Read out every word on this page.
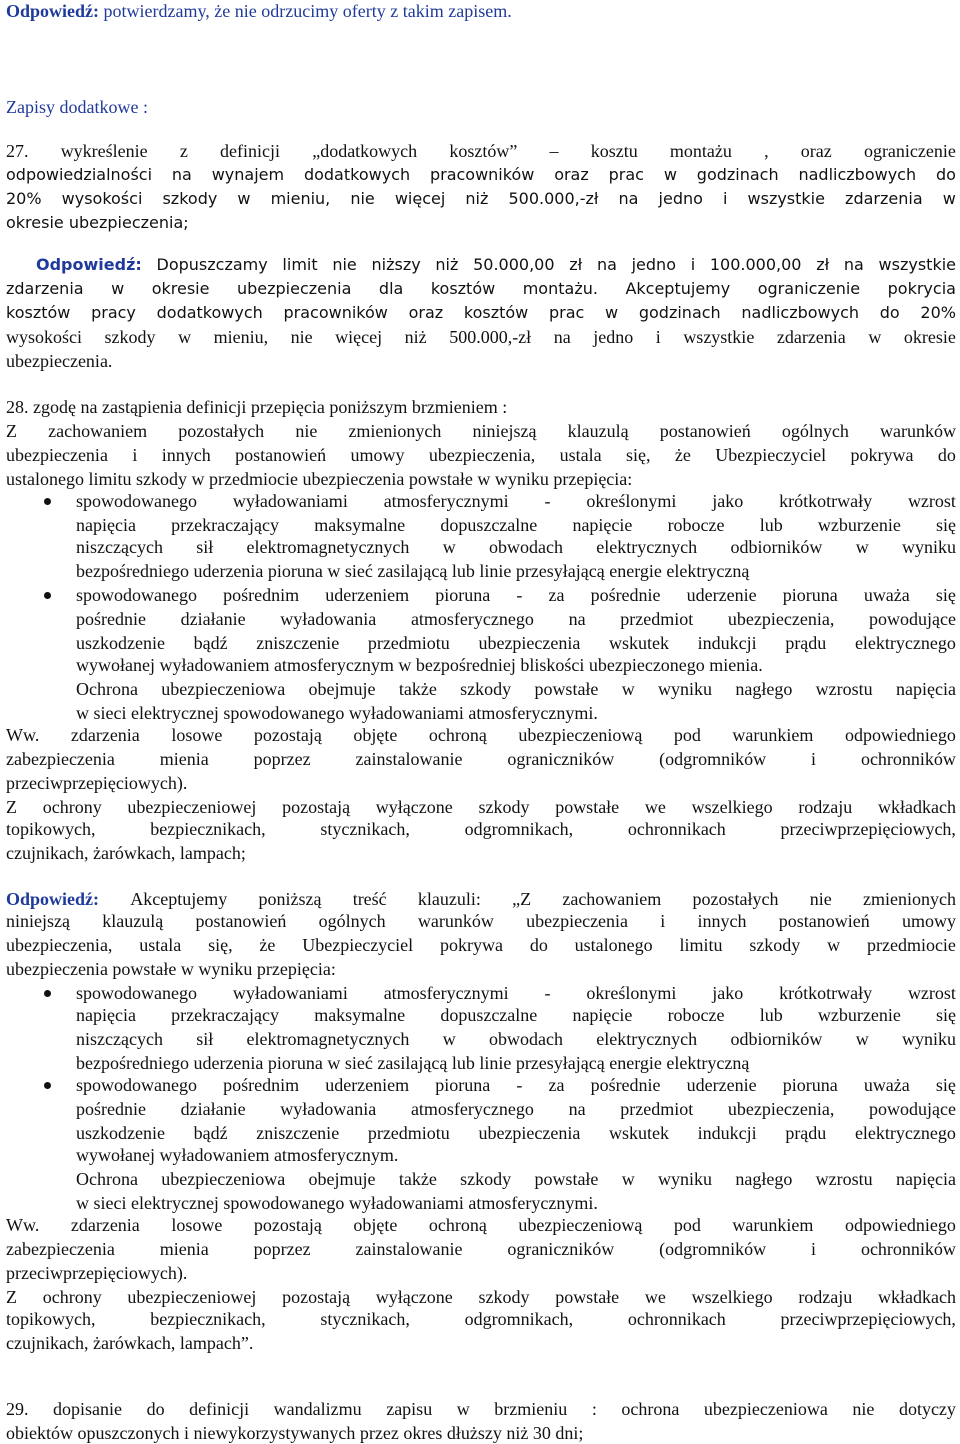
Odpowiedź: potwierdzamy, że nie odrzucimy oferty z takim zapisem.
Zapisy dodatkowe :
27. wykreślenie z definicji „dodatkowych kosztów” – kosztu montażu , oraz ograniczenie
odpowiedzialności na wynajem dodatkowych pracowników oraz prac w godzinach nadliczbowych do
20% wysokości szkody w mieniu, nie więcej niż 500.000,-zł na jedno i wszystkie zdarzenia w
okresie ubezpieczenia;
Odpowiedź: Dopuszczamy limit nie niższy niż 50.000,00 zł na jedno i 100.000,00 zł na wszystkie
zdarzenia w okresie ubezpieczenia dla kosztów montażu. Akceptujemy ograniczenie pokrycia
kosztów pracy dodatkowych pracowników oraz kosztów prac w godzinach nadliczbowych do 20%
wysokości szkody w mieniu, nie więcej niż 500.000,-zł na jedno i wszystkie zdarzenia w okresie
ubezpieczenia.
28. zgodę na zastąpienia definicji przepięcia poniższym brzmieniem :
Z zachowaniem pozostałych nie zmienionych niniejszą klauzulą postanowień ogólnych warunków
ubezpieczenia i innych postanowień umowy ubezpieczenia, ustala się, że Ubezpieczyciel pokrywa do
ustalonego limitu szkody w przedmiocie ubezpieczenia powstałe w wyniku przepięcia:
spowodowanego wyładowaniami atmosferycznymi - określonymi jako krótkotrwały wzrost
napięcia przekraczający maksymalne dopuszczalne napięcie robocze lub wzburzenie się
niszczących sił elektromagnetycznych w obwodach elektrycznych odbiorników w wyniku
bezpośredniego uderzenia pioruna w sieć zasilającą lub linie przesyłającą energie elektryczną
spowodowanego pośrednim uderzeniem pioruna - za pośrednie uderzenie pioruna uważa się
pośrednie działanie wyładowania atmosferycznego na przedmiot ubezpieczenia, powodujące
uszkodzenie bądź zniszczenie przedmiotu ubezpieczenia wskutek indukcji prądu elektrycznego
wywołanej wyładowaniem atmosferycznym w bezpośredniej bliskości ubezpieczonego mienia.
Ochrona ubezpieczeniowa obejmuje także szkody powstałe w wyniku nagłego wzrostu napięcia
w sieci elektrycznej spowodowanego wyładowaniami atmosferycznymi.
Ww. zdarzenia losowe pozostają objęte ochroną ubezpieczeniową pod warunkiem odpowiedniego
zabezpieczenia mienia poprzez zainstalowanie ograniczników (odgromników i ochronników
przeciwprzepięciowych).
Z ochrony ubezpieczeniowej pozostają wyłączone szkody powstałe we wszelkiego rodzaju wkładkach
topikowych,	bezpiecznikach,	stycznikach,	odgromnikach,	ochronnikach	przeciwprzepięciowych,
czujnikach, żarówkach, lampach;
Odpowiedź: Akceptujemy poniższą treść klauzuli: „Z zachowaniem pozostałych nie zmienionych
niniejszą klauzulą postanowień ogólnych warunków ubezpieczenia i innych postanowień umowy
ubezpieczenia, ustala się, że Ubezpieczyciel pokrywa do ustalonego limitu szkody w przedmiocie
ubezpieczenia powstałe w wyniku przepięcia:
spowodowanego wyładowaniami atmosferycznymi - określonymi jako krótkotrwały wzrost
napięcia przekraczający maksymalne dopuszczalne napięcie robocze lub wzburzenie się
niszczących sił elektromagnetycznych w obwodach elektrycznych odbiorników w wyniku
bezpośredniego uderzenia pioruna w sieć zasilającą lub linie przesyłającą energie elektryczną
spowodowanego pośrednim uderzeniem pioruna - za pośrednie uderzenie pioruna uważa się
pośrednie działanie wyładowania atmosferycznego na przedmiot ubezpieczenia, powodujące
uszkodzenie bądź zniszczenie przedmiotu ubezpieczenia wskutek indukcji prądu elektrycznego
wywołanej wyładowaniem atmosferycznym.
Ochrona ubezpieczeniowa obejmuje także szkody powstałe w wyniku nagłego wzrostu napięcia
w sieci elektrycznej spowodowanego wyładowaniami atmosferycznymi.
Ww. zdarzenia losowe pozostają objęte ochroną ubezpieczeniową pod warunkiem odpowiedniego
zabezpieczenia mienia poprzez zainstalowanie ograniczników (odgromników i ochronników
przeciwprzepięciowych).
Z ochrony ubezpieczeniowej pozostają wyłączone szkody powstałe we wszelkiego rodzaju wkładkach
topikowych,	bezpiecznikach,	stycznikach,	odgromnikach,	ochronnikach	przeciwprzepięciowych,
czujnikach, żarówkach, lampach”.
29. dopisanie do definicji wandalizmu zapisu w brzmieniu : ochrona ubezpieczeniowa nie dotyczy
obiektów opuszczonych i niewykorzystywanych przez okres dłuższy niż 30 dni;
